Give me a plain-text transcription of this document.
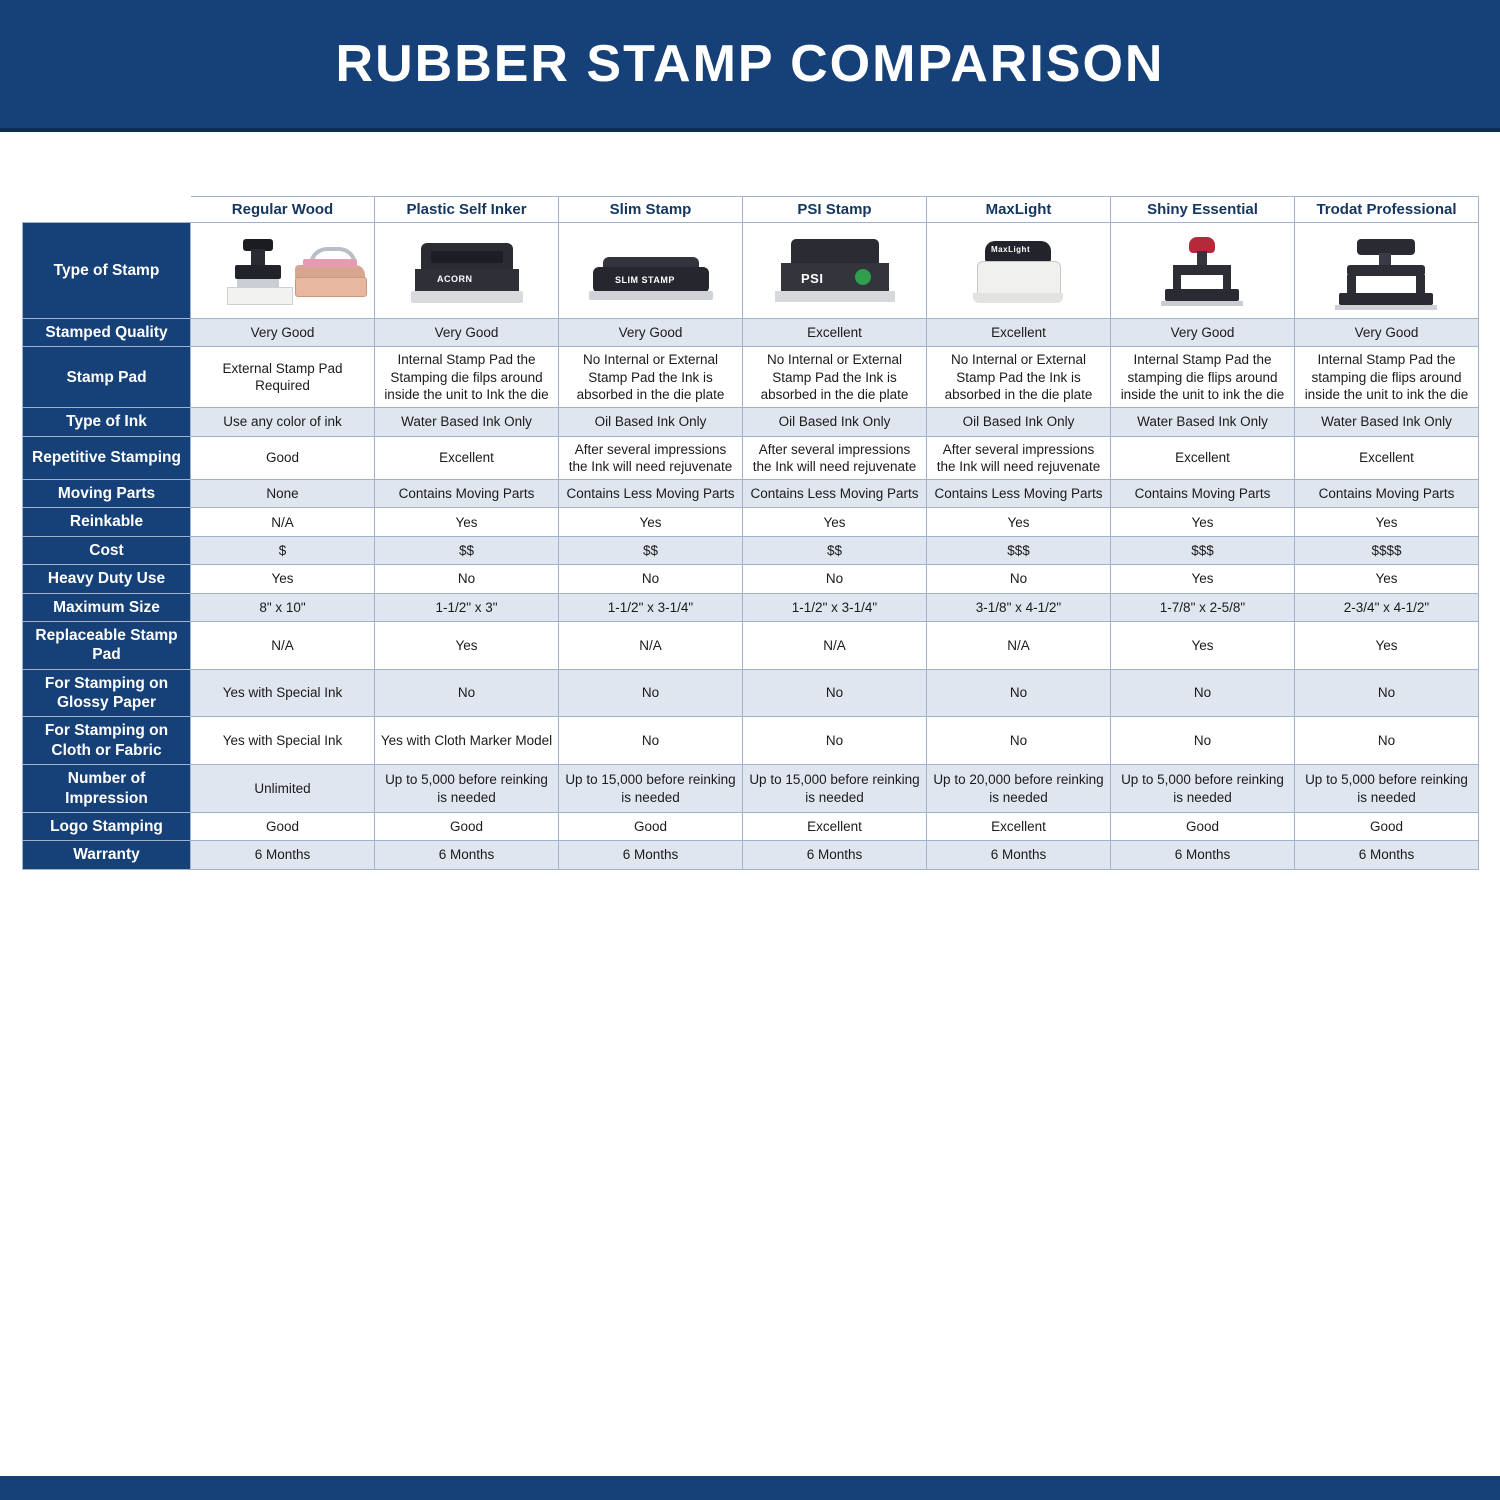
RUBBER STAMP COMPARISON
	Regular Wood	Plastic Self Inker	Slim Stamp	PSI Stamp	MaxLight	Shiny Essential	Trodat Professional
Type of Stamp		ACORN	SLIM STAMP	PSI	MaxLight		

Stamped Quality	Very Good	Very Good	Very Good	Excellent	Excellent	Very Good	Very Good
Stamp Pad	External Stamp Pad Required	Internal Stamp Pad the Stamping die filps around inside the unit to Ink the die	No Internal or External Stamp Pad the Ink is absorbed in the die plate	No Internal or External Stamp Pad the Ink is absorbed in the die plate	No Internal or External Stamp Pad the Ink is absorbed in the die plate	Internal Stamp Pad the stamping die flips around inside the unit to ink the die	Internal Stamp Pad the stamping die flips around inside the unit to ink the die
Type of Ink	Use any color of ink	Water Based Ink Only	Oil Based Ink Only	Oil Based Ink Only	Oil Based Ink Only	Water Based Ink Only	Water Based Ink Only
Repetitive Stamping	Good	Excellent	After several impressions the Ink will need rejuvenate	After several impressions the Ink will need rejuvenate	After several impressions the Ink will need rejuvenate	Excellent	Excellent
Moving Parts	None	Contains Moving Parts	Contains Less Moving Parts	Contains Less Moving Parts	Contains Less Moving Parts	Contains Moving Parts	Contains Moving Parts
Reinkable	N/A	Yes	Yes	Yes	Yes	Yes	Yes
Cost	$	$$	$$	$$	$$$	$$$	$$$$
Heavy Duty Use	Yes	No	No	No	No	Yes	Yes
Maximum Size	8" x 10"	1-1/2" x 3"	1-1/2" x 3-1/4"	1-1/2" x 3-1/4"	3-1/8" x 4-1/2"	1-7/8" x 2-5/8"	2-3/4" x 4-1/2"
Replaceable Stamp Pad	N/A	Yes	N/A	N/A	N/A	Yes	Yes
For Stamping on Glossy Paper	Yes with Special Ink	No	No	No	No	No	No
For Stamping on Cloth or Fabric	Yes with Special Ink	Yes with Cloth Marker Model	No	No	No	No	No
Number of Impression	Unlimited	Up to 5,000 before reinking is needed	Up to 15,000 before reinking is needed	Up to 15,000 before reinking is needed	Up to 20,000 before reinking is needed	Up to 5,000 before reinking is needed	Up to 5,000 before reinking is needed
Logo Stamping	Good	Good	Good	Excellent	Excellent	Good	Good
Warranty	6 Months	6 Months	6 Months	6 Months	6 Months	6 Months	6 Months
